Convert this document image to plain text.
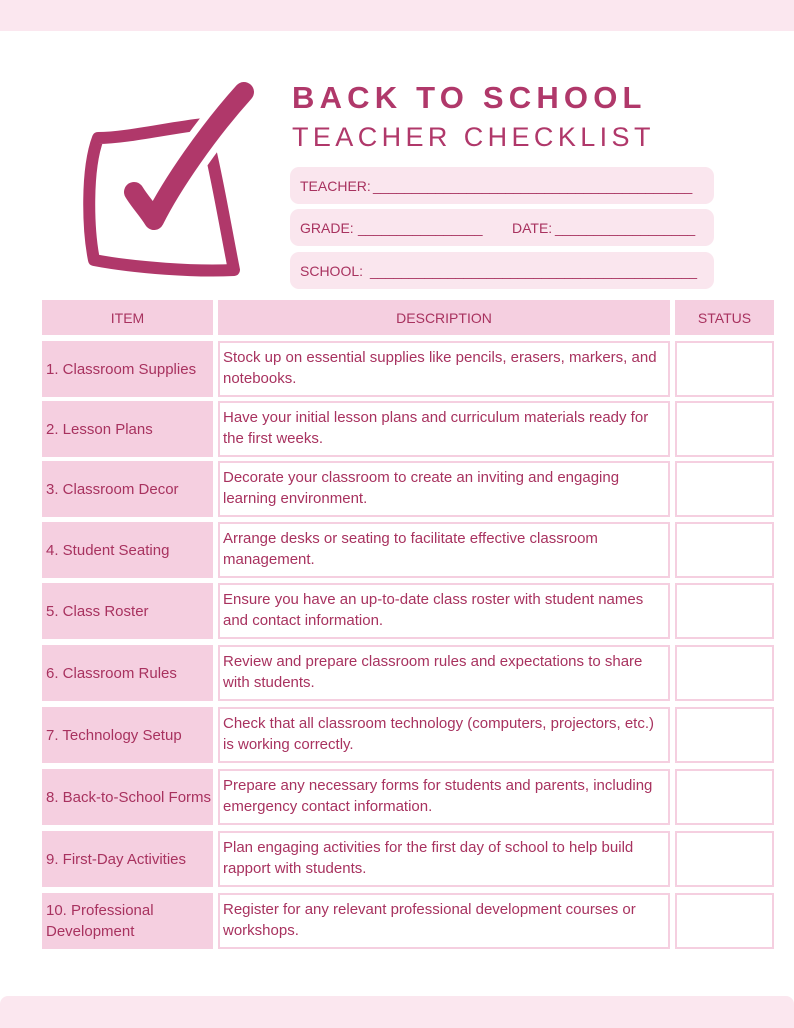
BACK TO SCHOOL
TEACHER CHECKLIST
TEACHER: _________________________________________
GRADE: ________________ DATE: __________________
SCHOOL: __________________________________________
ITEM	DESCRIPTION	STATUS
1. Classroom Supplies
Stock up on essential supplies like pencils, erasers, markers, and notebooks.
2. Lesson Plans
Have your initial lesson plans and curriculum materials ready for the first weeks.
3. Classroom Decor
Decorate your classroom to create an inviting and engaging learning environment.
4. Student Seating
Arrange desks or seating to facilitate effective classroom management.
5. Class Roster
Ensure you have an up-to-date class roster with student names and contact information.
6. Classroom Rules
Review and prepare classroom rules and expectations to share with students.
7. Technology Setup
Check that all classroom technology (computers, projectors, etc.) is working correctly.
8. Back-to-School Forms
Prepare any necessary forms for students and parents, including emergency contact information.
9. First-Day Activities
Plan engaging activities for the first day of school to help build rapport with students.
10. Professional Development
Register for any relevant professional development courses or workshops.
